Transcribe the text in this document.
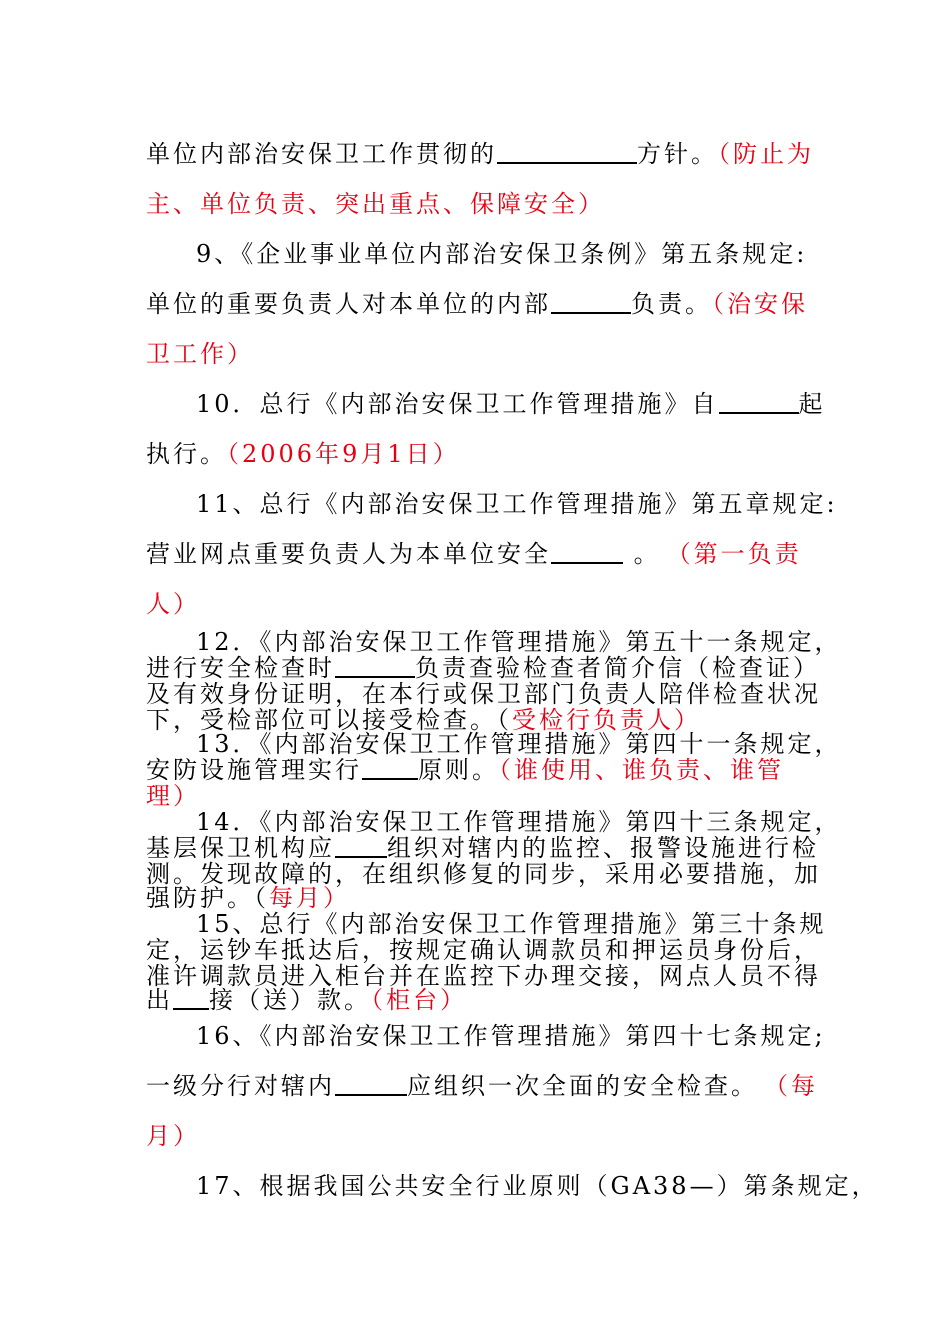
单位内部治安保卫工作贯彻的	方针。（防止为
主、单位负责、突出重点、保障安全）
9、《企业事业单位内部治安保卫条例》第五条规定:
单位的重要负责人对本单位的内部	负责。（治安保
卫工作）
10．总行《内部治安保卫工作管理措施》自	起
执行。（2006年9月1日）
11、总行《内部治安保卫工作管理措施》第五章规定:
营业网点重要负责人为本单位安全	。 （第一负责
人）
12．《内部治安保卫工作管理措施》第五十一条规定，
进行安全检查时	负责查验检查者简介信（检查证）
及有效身份证明，在本行或保卫部门负责人陪伴检查状况
下，受检部位可以接受检查。（受检行负责人）
13．《内部治安保卫工作管理措施》第四十一条规定，
安防设施管理实行 原则。（谁使用、谁负责、谁管
理）
14．《内部治安保卫工作管理措施》第四十三条规定，
基层保卫机构应 组织对辖内的监控、报警设施进行检
测。发现故障的，在组织修复的同步，采用必要措施，加
强防护。（每月）
15、总行《内部治安保卫工作管理措施》第三十条规
定，运钞车抵达后，按规定确认调款员和押运员身份后，
准许调款员进入柜台并在监控下办理交接，网点人员不得
出 接（送）款。（柜台）
16、《内部治安保卫工作管理措施》第四十七条规定;
一级分行对辖内	应组织一次全面的安全检查。 （每
月）
17、根据我国公共安全行业原则（GA38—）第条规定，
